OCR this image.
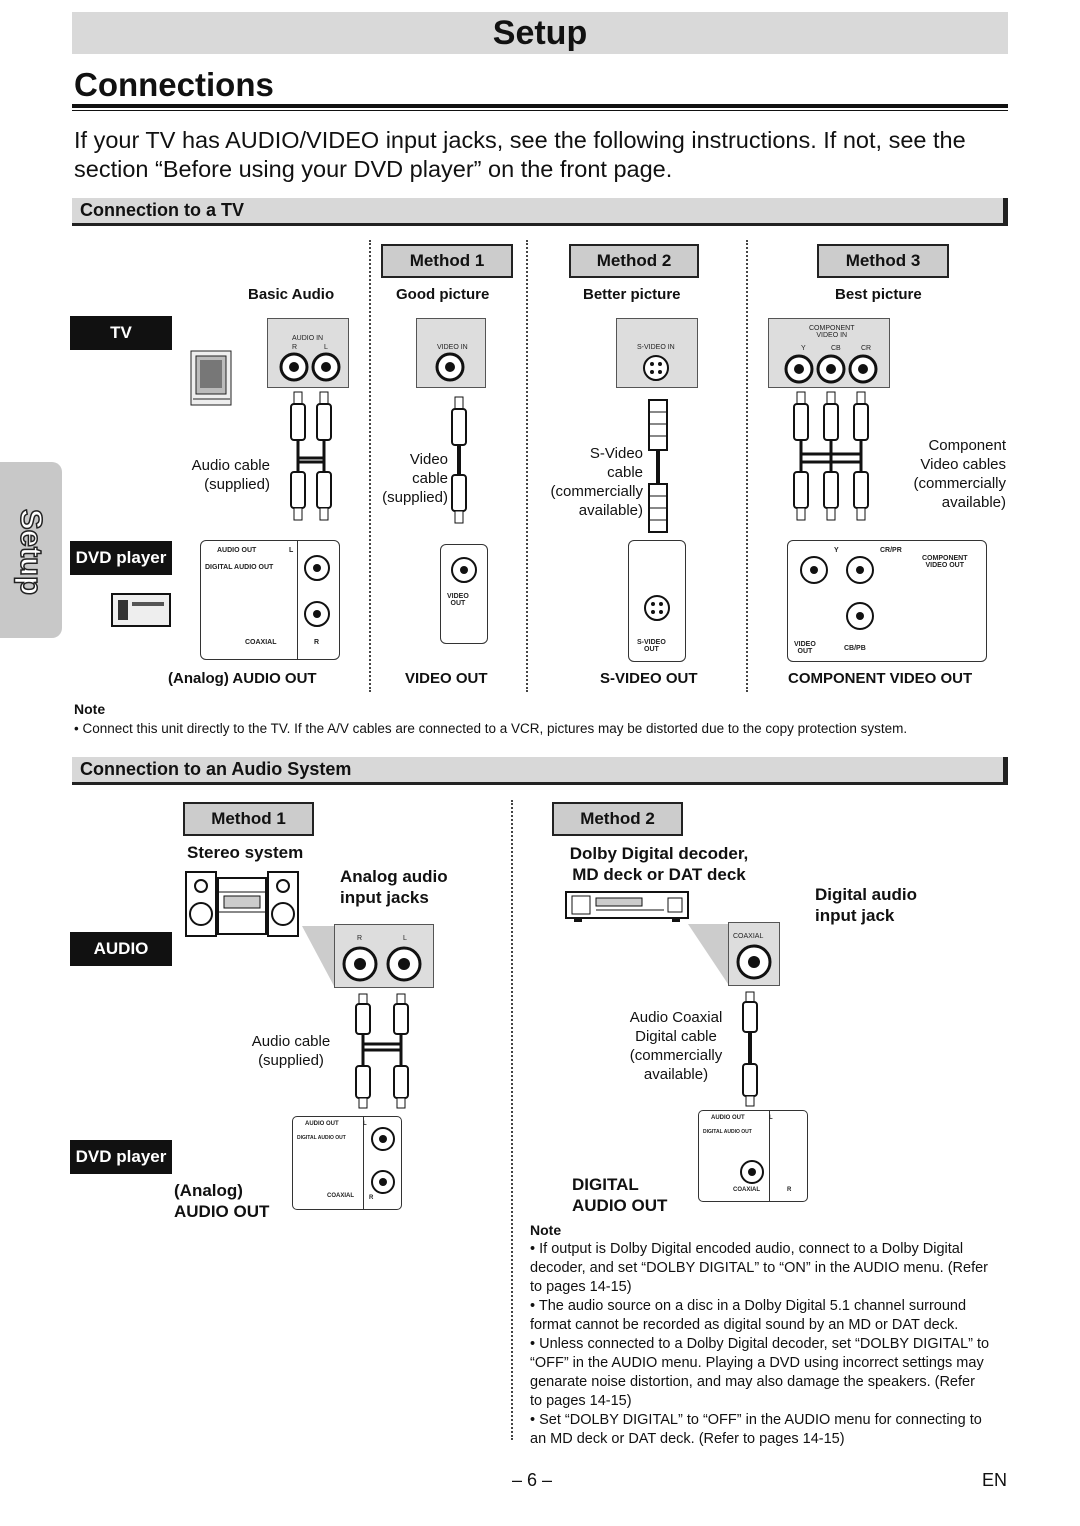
Setup
Connections
If your TV has AUDIO/VIDEO input jacks, see the following instructions. If not, see the section “Before using your DVD player” on the front page.
Setup
Connection to a TV
Method 1	Method 2	Method 3
Basic Audio	Good picture	Better picture	Best picture
TV
DVD player
AUDIO IN
R	L	VIDEO IN	S-VIDEO IN
COMPONENT
VIDEO IN
Y	CB	CR
Audio cable
(supplied)
Video
cable
(supplied)
S-Video
cable
(commercially
available)
Component
Video cables
(commercially
available)
AUDIO OUT	L
DIGITAL AUDIO OUT
COAXIAL	R
VIDEO
OUT
S-VIDEO
OUT
Y	CR/PR
COMPONENT
VIDEO OUT
VIDEO
OUT	CB/PB
(Analog) AUDIO OUT	VIDEO OUT	S-VIDEO OUT	COMPONENT VIDEO OUT
Note
• Connect this unit directly to the TV. If the A/V cables are connected to a VCR, pictures may be distorted due to the copy protection system.
Connection to an Audio System
Method 1	Method 2
Stereo system
Analog audio
input jacks
Dolby Digital decoder,
MD deck or DAT deck
Digital audio
input jack
AUDIO
R	L	COAXIAL
Audio cable
(supplied)
Audio Coaxial
Digital cable
(commercially
available)
AUDIO OUT	L
DIGITAL AUDIO OUT
COAXIAL	R
DVD player
(Analog)
AUDIO OUT
AUDIO OUT	L
DIGITAL AUDIO OUT
COAXIAL	R
DIGITAL
AUDIO OUT
Note
• If output is Dolby Digital encoded audio, connect to a Dolby Digital decoder, and set “DOLBY DIGITAL” to “ON” in the AUDIO menu. (Refer to pages 14-15)
• The audio source on a disc in a Dolby Digital 5.1 channel surround format cannot be recorded as digital sound by an MD or DAT deck.
• Unless connected to a Dolby Digital decoder, set “DOLBY DIGITAL” to “OFF” in the AUDIO menu. Playing a DVD using incorrect settings may genarate noise distortion, and may also damage the speakers. (Refer to pages 14-15)
• Set “DOLBY DIGITAL” to “OFF” in the AUDIO menu for connecting to an MD deck or DAT deck. (Refer to pages 14-15)
– 6 –	EN
